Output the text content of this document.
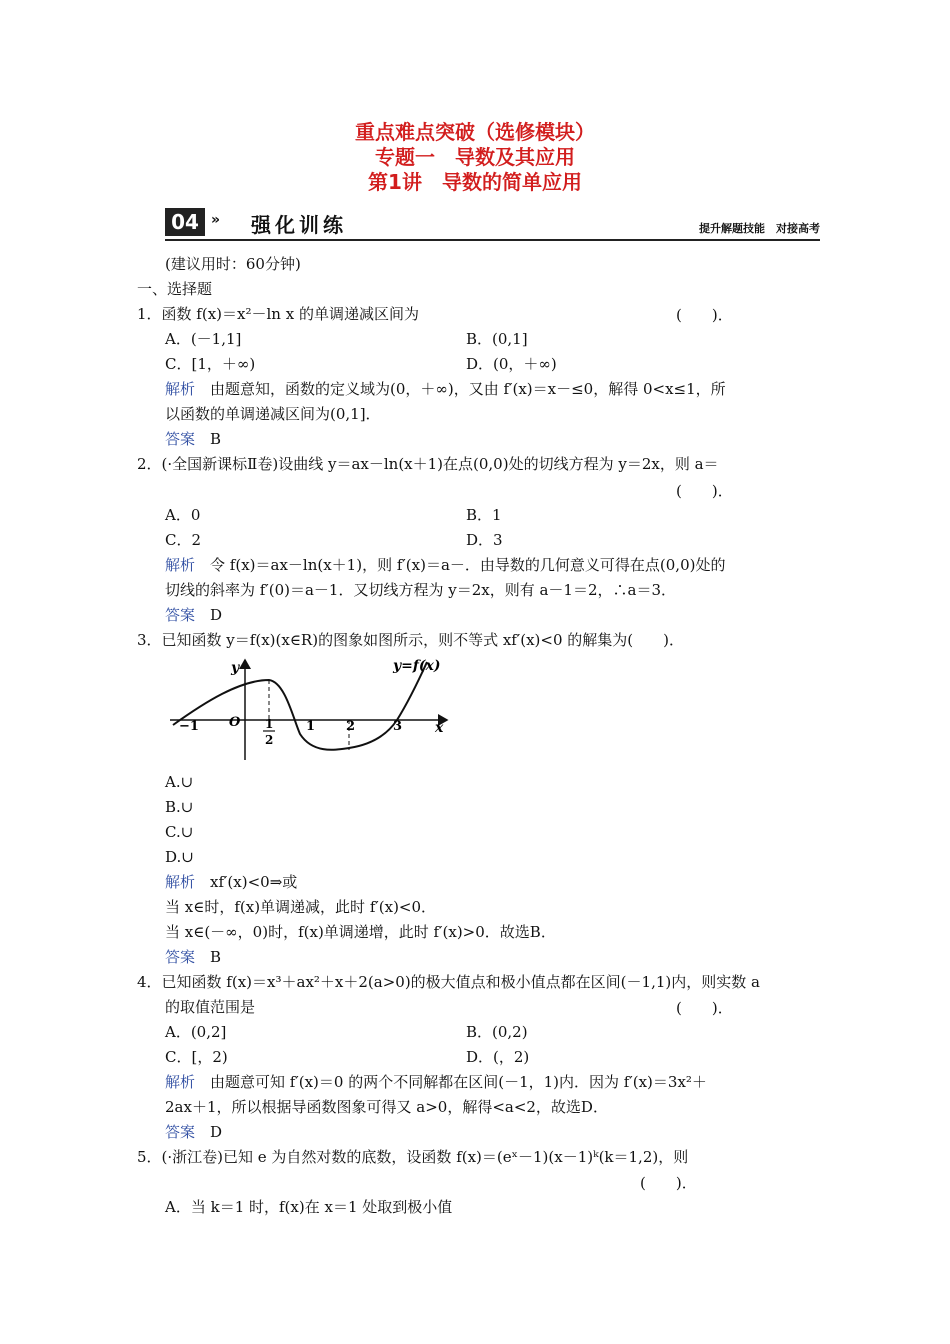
重点难点突破（选修模块）
专题一　导数及其应用
第1讲　导数的简单应用
04 » 强化训练	提升解题技能　对接高考
(建议用时：60分钟)
一、选择题
1．函数 f(x)＝x²－ln x 的单调递减区间为	(　　)．
A．(－1,1]	B．(0,1]
C．[1，＋∞)	D．(0，＋∞)
解析　由题意知，函数的定义域为(0，＋∞)，又由 f′(x)＝x－≤0，解得 0<x≤1，所
以函数的单调递减区间为(0,1]．
答案　B
2．(·全国新课标Ⅱ卷)设曲线 y＝ax－ln(x＋1)在点(0,0)处的切线方程为 y＝2x，则 a＝
(　　)．
A．0	B．1
C．2	D．3
解析　令 f(x)＝ax－ln(x＋1)，则 f′(x)＝a－．由导数的几何意义可得在点(0,0)处的
切线的斜率为 f′(0)＝a－1．又切线方程为 y＝2x，则有 a－1＝2，∴a＝3．
答案　D
3．已知函数 y＝f(x)(x∈R)的图象如图所示，则不等式 xf′(x)<0 的解集为(　　)．
y
x
O
y=f(x)
−1	1
2
1 2	3
A.∪
B.∪
C.∪
D.∪
解析　xf′(x)<0⇒或
当 x∈时，f(x)单调递减，此时 f′(x)<0．
当 x∈(－∞，0)时，f(x)单调递增，此时 f′(x)>0．故选B．
答案　B
4．已知函数 f(x)＝x³＋ax²＋x＋2(a>0)的极大值点和极小值点都在区间(－1,1)内，则实数 a
的取值范围是	(　　)．
A．(0,2]	B．(0,2)
C．[，2)	D．(，2)
解析　由题意可知 f′(x)＝0 的两个不同解都在区间(－1，1)内．因为 f′(x)＝3x²＋
2ax＋1，所以根据导函数图象可得又 a>0，解得<a<2，故选D．
答案　D
5．(·浙江卷)已知 e 为自然对数的底数，设函数 f(x)＝(eˣ－1)(x－1)ᵏ(k＝1,2)，则
(　　)．
A．当 k＝1 时，f(x)在 x＝1 处取到极小值
